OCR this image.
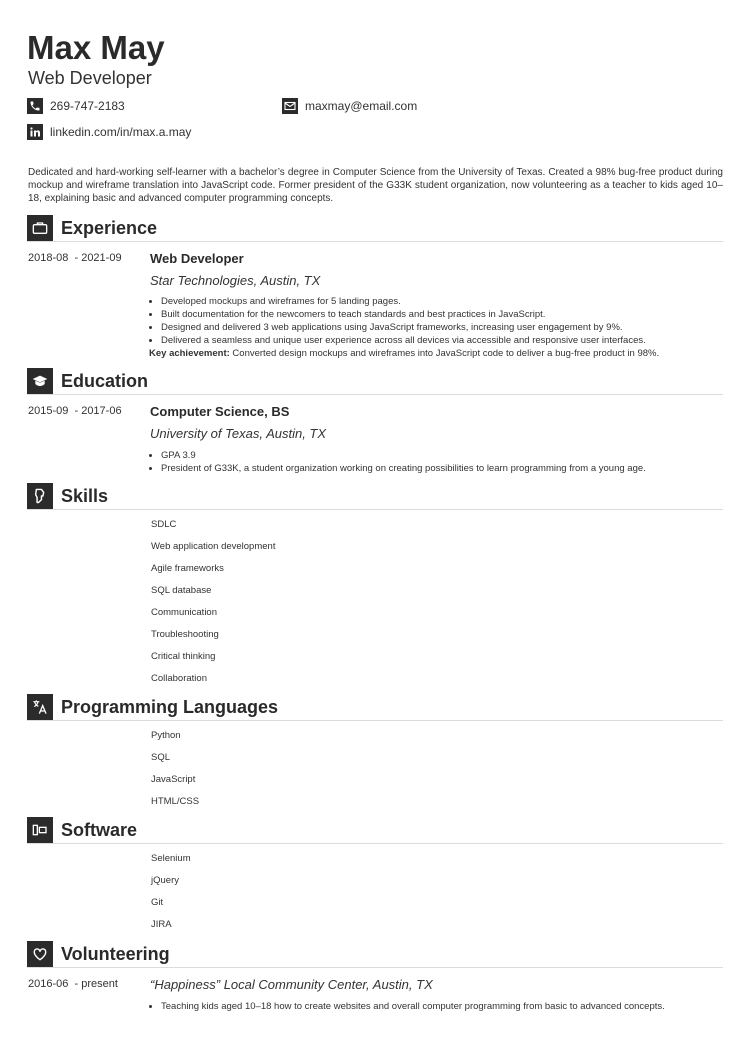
Max May
Web Developer
269-747-2183	maxmay@email.com
linkedin.com/in/max.a.may
Dedicated and hard-working self-learner with a bachelor’s degree in Computer Science from the University of Texas. Created a 98% bug-free product during mockup and wireframe translation into JavaScript code. Former president of the G33K student organization, now volunteering as a teacher to kids aged 10–18, explaining basic and advanced computer programming concepts.
Experience
2018-08  - 2021-09 Web Developer
Star Technologies, Austin, TX
• Developed mockups and wireframes for 5 landing pages.
• Built documentation for the newcomers to teach standards and best practices in JavaScript.
• Designed and delivered 3 web applications using JavaScript frameworks, increasing user engagement by 9%.
• Delivered a seamless and unique user experience across all devices via accessible and responsive user interfaces.
Key achievement: Converted design mockups and wireframes into JavaScript code to deliver a bug-free product in 98%.
Education
2015-09  - 2017-06 Computer Science, BS
University of Texas, Austin, TX
• GPA 3.9
• President of G33K, a student organization working on creating possibilities to learn programming from a young age.
Skills
SDLC
Web application development
Agile frameworks
SQL database
Communication
Troubleshooting
Critical thinking
Collaboration
Programming Languages
Python
SQL
JavaScript
HTML/CSS
Software
Selenium
jQuery
Git
JIRA
Volunteering
2016-06  - present “Happiness” Local Community Center, Austin, TX
• Teaching kids aged 10–18 how to create websites and overall computer programming from basic to advanced concepts.
